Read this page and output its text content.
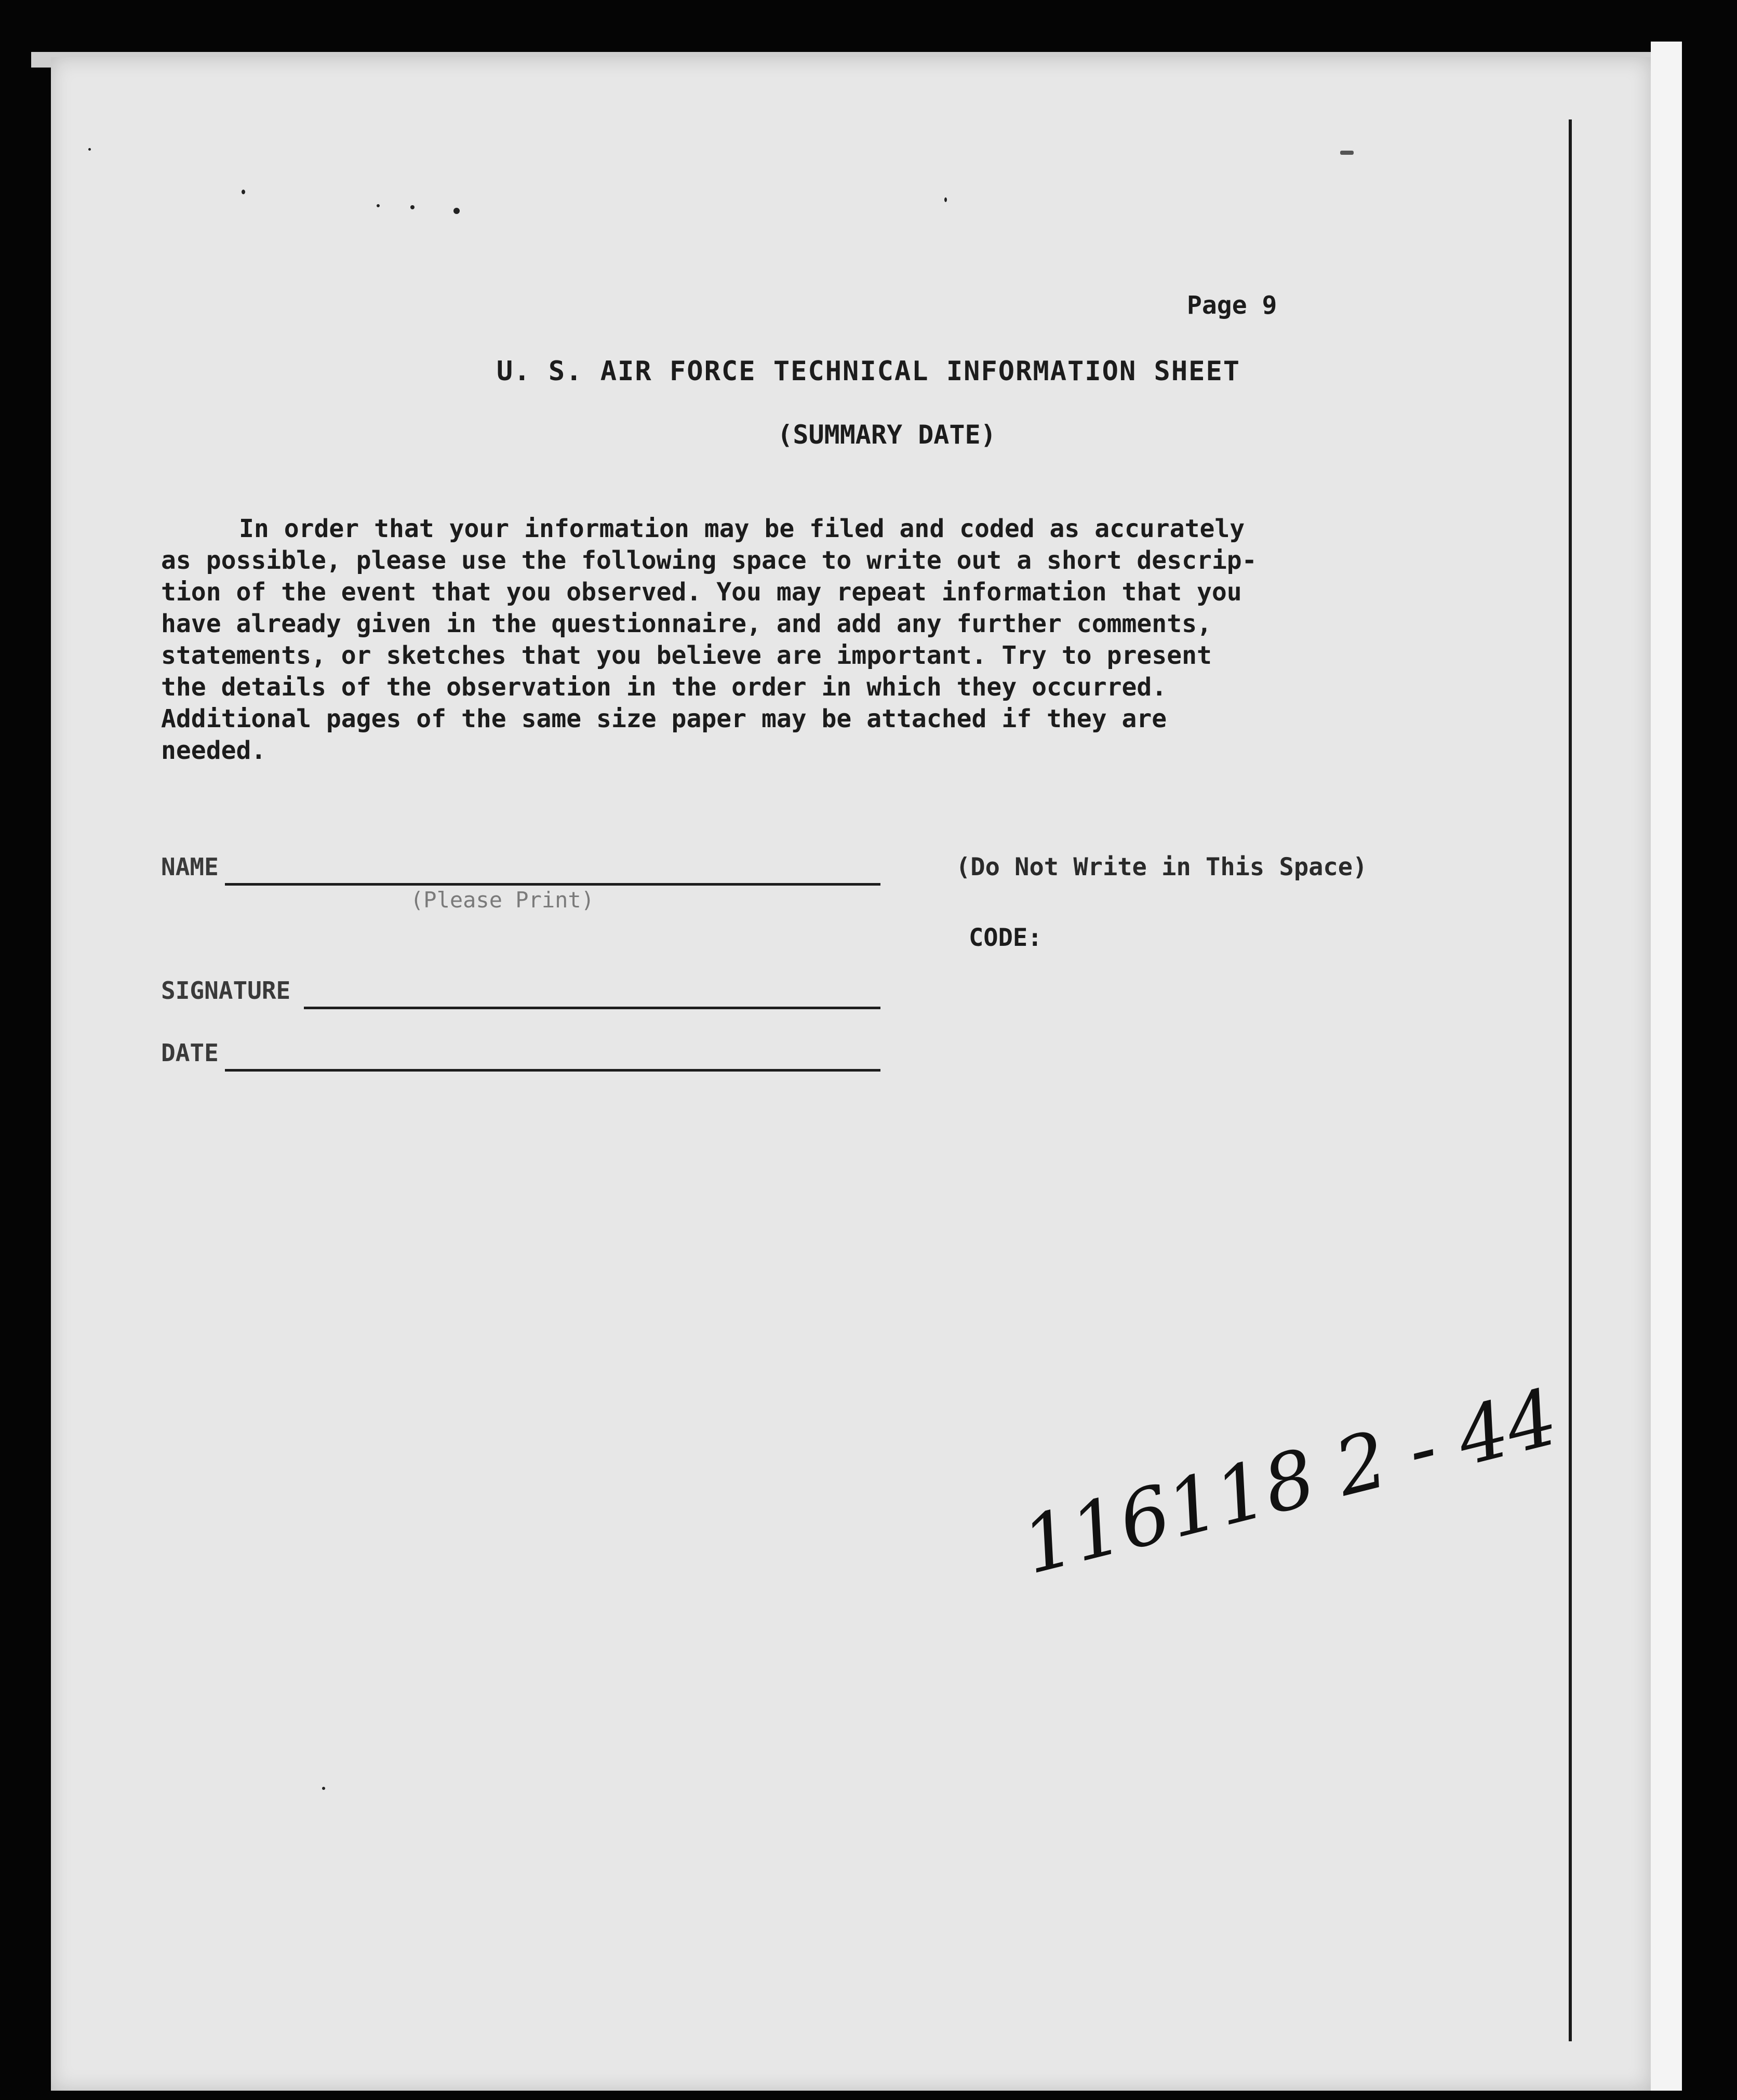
Page 9
U. S. AIR FORCE TECHNICAL INFORMATION SHEET
(SUMMARY DATE)
In order that your information may be filed and coded as accurately
as possible, please use the following space to write out a short descrip-
tion of the event that you observed. You may repeat information that you
have already given in the questionnaire, and add any further comments,
statements, or sketches that you believe are important. Try to present
the details of the observation in the order in which they occurred.
Additional pages of the same size paper may be attached if they are
needed.
NAME
(Please Print)
SIGNATURE
DATE
(Do Not Write in This Space)
CODE:
116118 2 - 44
